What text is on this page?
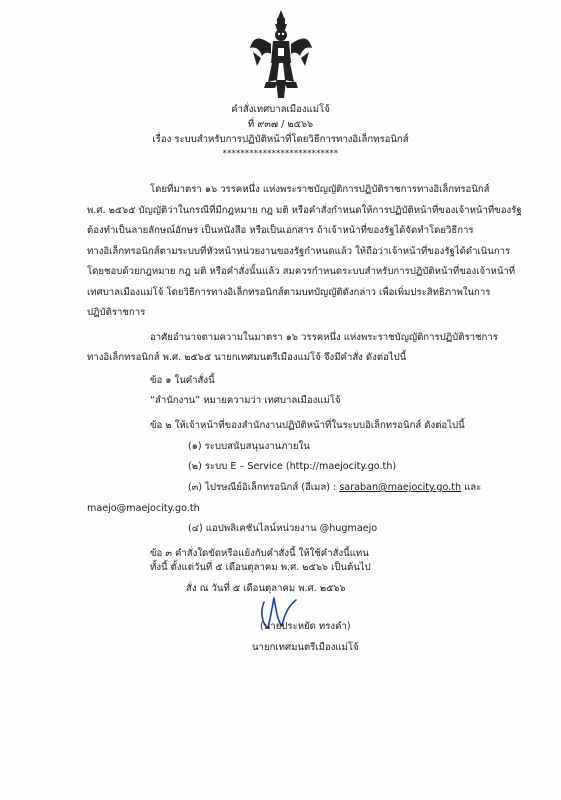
คำสั่งเทศบาลเมืองแม่โจ้
ที่ ๙๓๗ / ๒๕๖๖
เรื่อง ระบบสำหรับการปฏิบัติหน้าที่โดยวิธีการทางอิเล็กทรอนิกส์
**************************
โดยที่มาตรา ๑๖ วรรคหนึ่ง แห่งพระราชบัญญัติการปฏิบัติราชการทางอิเล็กทรอนิกส์
พ.ศ. ๒๕๖๕ บัญญัติว่าในกรณีที่มีกฎหมาย กฎ มติ หรือคำสั่งกำหนดให้การปฏิบัติหน้าที่ของเจ้าหน้าที่ของรัฐ
ต้องทำเป็นลายลักษณ์อักษร เป็นหนังสือ หรือเป็นเอกสาร ถ้าเจ้าหน้าที่ของรัฐได้จัดทำโดยวิธีการ
ทางอิเล็กทรอนิกส์ตามระบบที่หัวหน้าหน่วยงานของรัฐกำหนดแล้ว ให้ถือว่าเจ้าหน้าที่ของรัฐได้ดำเนินการ
โดยชอบด้วยกฎหมาย กฎ มติ หรือคำสั่งนั้นแล้ว สมควรกำหนดระบบสำหรับการปฏิบัติหน้าที่ของเจ้าหน้าที่
เทศบาลเมืองแม่โจ้ โดยวิธีการทางอิเล็กทรอนิกส์ตามบทบัญญัติดังกล่าว เพื่อเพิ่มประสิทธิภาพในการ
ปฏิบัติราชการ
อาศัยอำนาจตามความในมาตรา ๑๖ วรรคหนึ่ง แห่งพระราชบัญญัติการปฏิบัติราชการ
ทางอิเล็กทรอนิกส์ พ.ศ. ๒๕๖๕ นายกเทศมนตรีเมืองแม่โจ้ จึงมีคำสั่ง ดังต่อไปนี้
ข้อ ๑ ในคำสั่งนี้
“สำนักงาน” หมายความว่า เทศบาลเมืองแม่โจ้
ข้อ ๒ ให้เจ้าหน้าที่ของสำนักงานปฏิบัติหน้าที่ในระบบอิเล็กทรอนิกส์ ดังต่อไปนี้
(๑) ระบบสนับสนุนงานภายใน
(๒) ระบบ E – Service (http://maejocity.go.th)
(๓) ไปรษณีย์อิเล็กทรอนิกส์ (อีเมล) : saraban@maejocity.go.th และ
maejo@maejocity.go.th
(๔) แอปพลิเคชันไลน์หน่วยงาน @hugmaejo
ข้อ ๓ คำสั่งใดขัดหรือแย้งกับคำสั่งนี้ ให้ใช้คำสั่งนี้แทน
ทั้งนี้ ตั้งแต่วันที่ ๕ เดือนตุลาคม พ.ศ. ๒๕๖๖ เป็นต้นไป
สั่ง ณ วันที่ ๕ เดือนตุลาคม พ.ศ. ๒๕๖๖
(นายประหยัด ทรงคำ)
นายกเทศมนตรีเมืองแม่โจ้
